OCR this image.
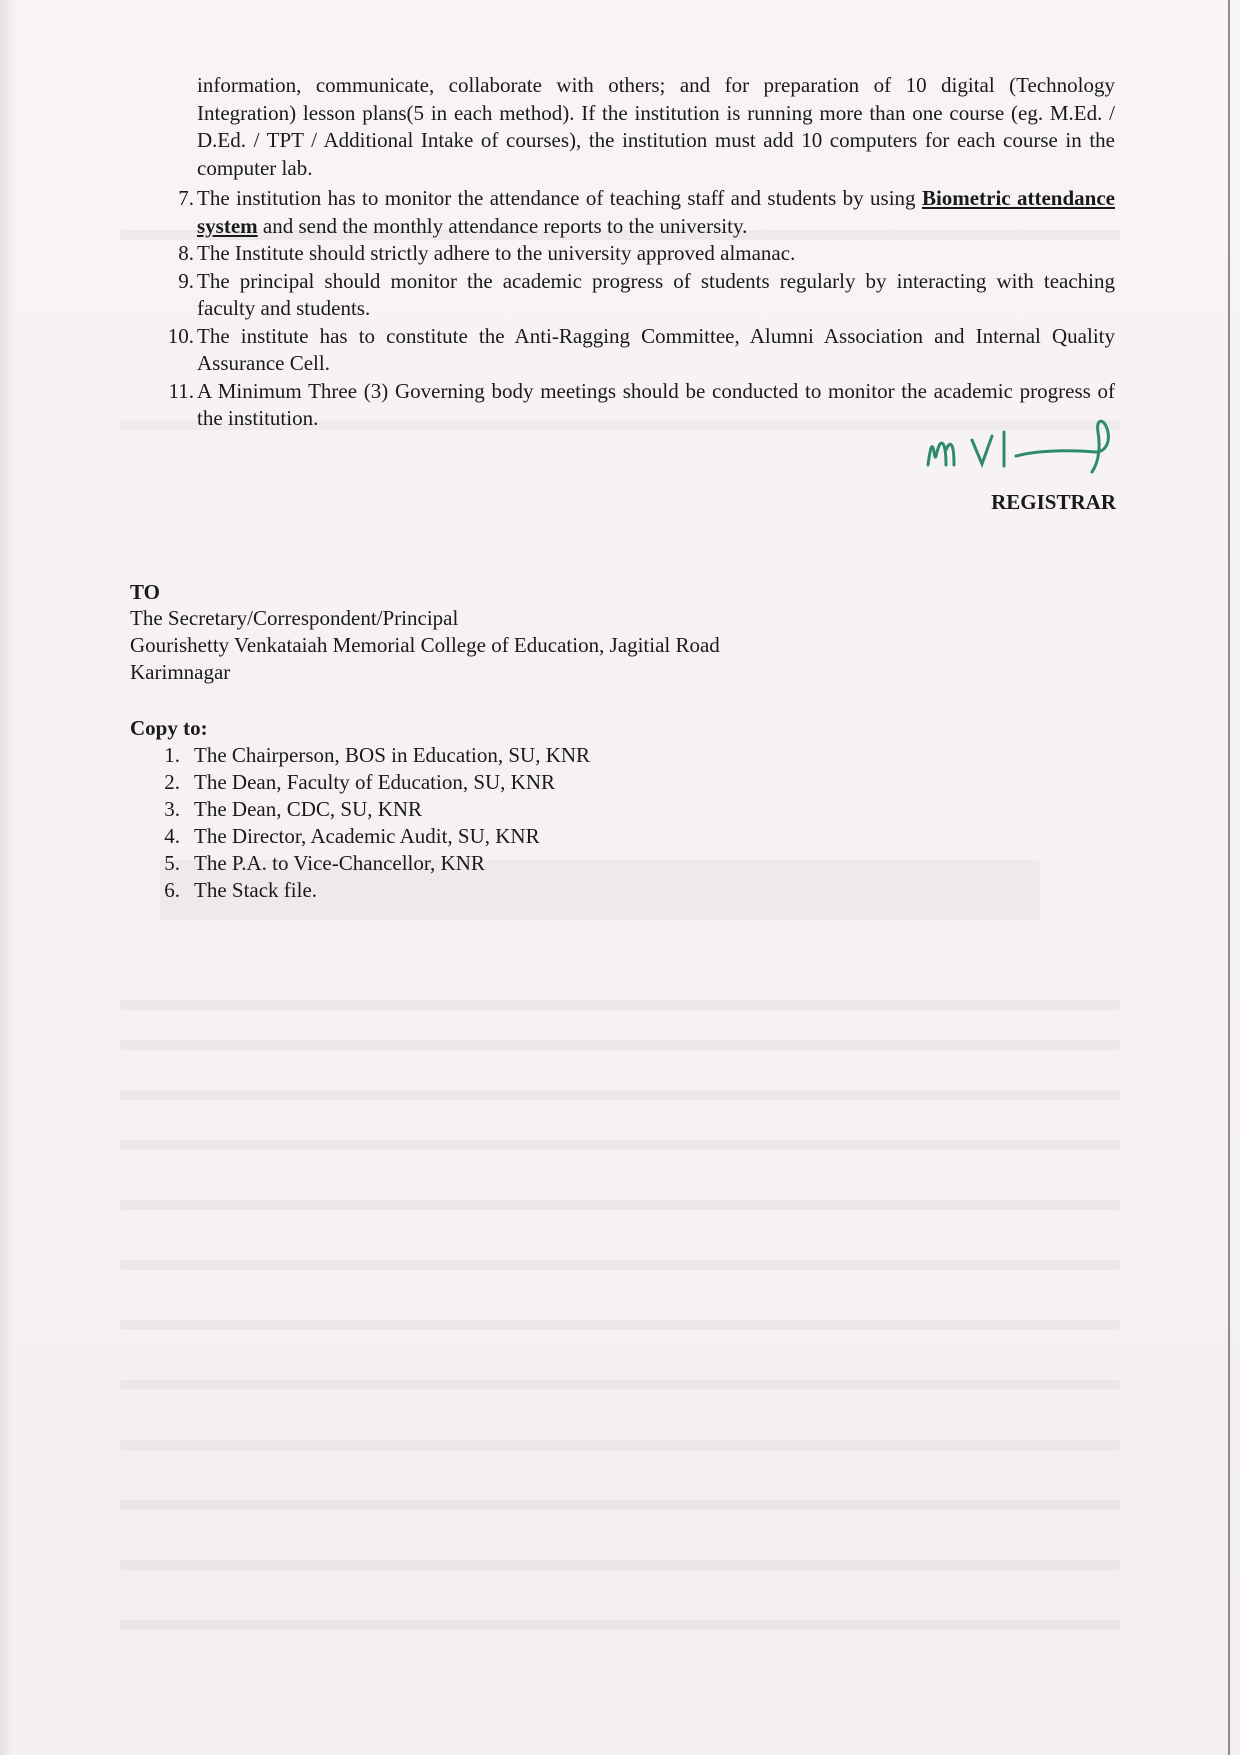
information, communicate, collaborate with others; and for preparation of 10 digital (Technology Integration) lesson plans(5 in each method). If the institution is running more than one course (eg. M.Ed. / D.Ed. / TPT / Additional Intake of courses), the institution must add 10 computers for each course in the computer lab.

7. The institution has to monitor the attendance of teaching staff and students by using Biometric attendance system and send the monthly attendance reports to the university.
8. The Institute should strictly adhere to the university approved almanac.
9. The principal should monitor the academic progress of students regularly by interacting with teaching faculty and students.
10. The institute has to constitute the Anti-Ragging Committee, Alumni Association and Internal Quality Assurance Cell.
11. A Minimum Three (3) Governing body meetings should be conducted to monitor the academic progress of the institution.
REGISTRAR
TO
The Secretary/Correspondent/Principal
Gourishetty Venkataiah Memorial College of Education, Jagitial Road
Karimnagar
Copy to:
1. The Chairperson, BOS in Education, SU, KNR
2. The Dean, Faculty of Education, SU, KNR
3. The Dean, CDC, SU, KNR
4. The Director, Academic Audit, SU, KNR
5. The P.A. to Vice-Chancellor, KNR
6. The Stack file.
